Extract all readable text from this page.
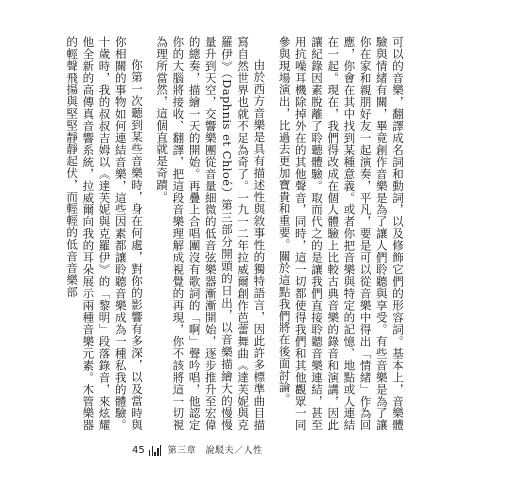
可以的音樂，翻譯成名詞和動詞，以及修飾它們的形容詞。基本上，音樂體驗與情緒有關，畢竟創作音樂是為了讓人們聆聽與享受。有些音樂是為了讓你在家和親朋好友一起演奏，平凡，要是可以從音樂中得出「情緒」作為回應，你會在其中找到某種意義。或者你把音樂與特定的記憶、地點或人連結在一起。現在，我們得改成在個人體驗上比較古典音樂的錄音和演講，因此讓紀錄因素脫離了聆聽體驗。取而代之的是讓我們直接聆聽音樂連結，甚至用抗噪耳機除掉外在的其他聲音，同時，這一切都使得我們和其他觀眾一同參與現場演出，比過去更加寶貴和重要。關於這點我們將在後面討論。

由於西方音樂是具有描述性與敘事性的獨特語言，因此許多標準曲目描寫自然世界也就不足為奇了。一九一二年拉威爾創作芭蕾舞曲《達芙妮與克羅伊》（Daphnis et Chloé）第三部分開頭的日出，以音樂描繪大的慢慢量升到天空，交響樂團從音量細微的低音弦樂器漸漸開始，逐步推升至宏偉的總奏，描繪一天的開始。再疊上合唱團沒有歌詞的「啊」聲吟唱，他認定你的大腦將接收、翻譯，把這段音樂理解成視覺的再現，你不該將這一切視為理所當然，這個直就是奇蹟。

你第一次聽到某些音樂時，身在何處，對你的影響有多深，以及當時與你相關的事物如何連結音樂，這些因素都讓聆聽音樂成為一種私我的體驗。十歲時，我的叔叔吉姆以《達芙妮與克羅伊》的「黎明」段落錄音，來炫耀他全新的高傳真音響系統，拉威爾向我的耳朵展示兩種音樂元素。木管樂器的輕聲飛揚與堅堅靜靜起伏，而輕輕的低音音樂部

45	第三章　說駁夫／人性
